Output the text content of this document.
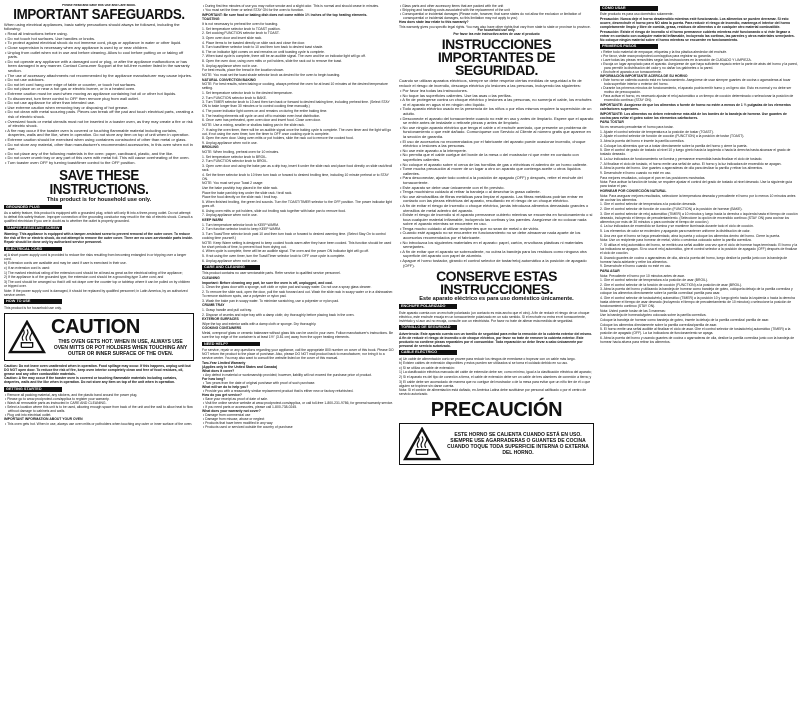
Please Read and Save this Use and Care Book.
IMPORTANT SAFEGUARDS.
When using electrical appliances, basic safety precautions should always be followed, including the following:
• Read all instructions before using.
• Do not touch hot surfaces. Use handles or knobs.
• To protect against electrical shock do not immerse cord, plugs or appliance in water or other liquid.
• Close supervision is necessary when any appliance is used by or near children.
• Unplug from outlet when not in use and before cleaning. Allow to cool before putting on or taking off parts.
• Do not operate any appliance with a damaged cord or plug, or after the appliance malfunctions or has been damaged in any manner. Contact Consumer Support at the toll-free number listed in the warranty section.
• The use of accessory attachments not recommended by the appliance manufacturer may cause injuries.
• Do not use outdoors.
• Do not let cord hang over edge of table or counter, or touch hot surfaces.
• Do not place on or near a hot gas or electric burner, or in a heated oven.
• Extreme caution must be used when moving an appliance containing hot oil or other hot liquids.
• To disconnect, turn timer control to OFF then remove plug from wall outlet.
• Do not use appliance for other than intended use.
• Use extreme caution when removing tray or disposing of hot grease.
• Do not clean with metal scouring pads. Pieces can break off the pad and touch electrical parts, creating a risk of electric shock.
• Oversized foods or metal utensils must not be inserted in a toaster oven, as they may create a fire or risk of electric shock.
• A fire may occur if the toaster oven is covered or touching flammable material including curtains, draperies, walls and the like, when in operation. Do not store any item on top of unit when in operation.
• Extreme caution should be exercised when using containers constructed of other than metal or glass.
• Do not store any material, other than manufacturer's recommended accessories, in this oven when not in use.
• Do not place any of the following materials in the oven: paper, cardboard, plastic, and the like.
• Do not cover crumb tray or any part of this oven with metal foil. This will cause overheating of the oven.
• Turn toaster oven OFF by turning toast/timer control to the OFF position.
SAVE THESE INSTRUCTIONS.
This product is for household use only.
GROUNDED PLUG
As a safety feature, this product is equipped with a grounded plug, which will only fit into a three-prong outlet. Do not attempt to defeat this safety feature. Improper connection of the grounding conductor may result in the risk of electric shock. Consult a qualified electrician if you are in doubt as to whether the outlet is properly grounded.
TAMPER-RESISTANT SCREW
Warning: This appliance is equipped with a tamper-resistant screw to prevent removal of the outer cover. To reduce the risk of fire or electric shock, do not attempt to remove the outer cover. There are no user-serviceable parts inside. Repair should be done only by authorized service personnel.
ELECTRICAL CORD
a) A short power-supply cord is provided to reduce the risks resulting from becoming entangled in or tripping over a longer cord.
b) Extension cords are available and may be used if care is exercised in their use.
c) If an extension cord is used:
1) The marked electrical rating of the extension cord should be at least as great as the electrical rating of the appliance;
2) If the appliance is of the grounded type, the extension cord should be a grounding-type 3-wire cord; and
3) The cord should be arranged so that it will not drape over the counter top or tabletop where it can be pulled on by children or tripped over.
Note: If the power supply cord is damaged, it should be replaced by qualified personnel; in Latin America, by an authorized service center.
HOW TO USE
This product is for household use only.
CAUTION
THIS OVEN GETS HOT. WHEN IN USE, ALWAYS USE OVEN MITTS OR POT HOLDERS WHEN TOUCHING ANY OUTER OR INNER SURFACE OF THE OVEN.
Caution: Do not leave oven unattended when in operation. Food spillage may occur. If this happens, unplug unit but DO NOT open door. To reduce the risk of fire, keep oven interior completely clean and free of food residues, oil, grease and any other combustible materials.
Caution: A fire may occur if the toaster oven is covered or touching flammable materials including curtains, draperies, walls and the like when in operation. Do not store any item on top of the unit when in operation.
GETTING STARTED
• Remove all packing material, any stickers, and the plastic band around the power plug.
• Please go to www.prodprotect.com/applica to register your warranty.
• Wash all removable parts as instructed in CARE AND CLEANING.
• Select a location where this unit is to be used, allowing enough space from back of the unit and the wall to allow heat to flow without damage to cabinets and walls.
• Plug unit into electrical outlet.
IMPORTANT INFORMATION ABOUT YOUR OVEN
• This oven gets hot. When in use, always use oven mitts or potholders when touching any outer or inner surface of the oven.
• During first few minutes of use you may notice smoke and a slight odor. This is normal and should cease in minutes.
• You must set the timer or select STAY ON for the oven to function.
IMPORTANT: Be sure food or baking dish does not come within 1½ inches of the top heating elements.
TOASTING
It is not necessary to preheat the oven for toasting.
1. Set temperature selector knob to TOAST position.
2. Set cooking FUNCTION selector knob to TOAST.
3. Open oven door and insert slide rack.
4. Place items to be toasted directly on slide rack and close the door.
5. Turn toast/timer selector knob to 10 and then turn back to desired toast shade.
6. The on indicator light comes on and remains on until toasting cycle is complete.
7. When toast cycle is complete, there will be an audible signal. The oven and the on indicator light will go off.
8. Open the oven door, using oven mitts or pot holders, slide the rack out to remove the toast.
9. Unplug appliance when not in use.
For best results, place the bread in the location shown.
NOTE: You must set the toast shade selector knob as desired for the oven to begin toasting.
NATURAL CONVECTION BAKING
NOTE: For best results, when baking or cooking, always preheat the oven for at least 10 minutes at the desired temperature setting.
1. Set temperature selector knob to the desired temperature.
2. Turn FUNCTION selector knob to BAKE.
3. Turn TIMER selector knob to 10 and then turn back or forward to desired baking time, including preheat time. (Select STAY ON to bake longer than 30 minutes or to control cooking time manually.)
4. The power indicator light comes on and remains on during the entire baking time.
5. The heating elements will cycle on and off to maintain even heat distribution.
6. Once oven has preheated, open oven door and insert food. Close oven door.
NOTE: Use a mixing, smaller or shallow baking pan in the slide rack.
7. If using the oven timer, there will be an audible signal once the baking cycle is complete. The oven timer and the light will go out. If not using the oven timer, turn the timer to OFF once cooking cycle is complete.
8. Open the oven door. Using oven mitts or pot holders, slide the rack out to remove the cooked food.
9. Unplug appliance when not in use.
BROILING
NOTE: When broiling, preheat oven for 10 minutes.
1. Set temperature selector knob to BROIL.
2. Turn FUNCTION selector knob to BROIL.
3. Open oven door and using the bake pan as a drip tray, insert it under the slide rack and place food directly on slide rack/broil rack.
4. Set the timer selector knob to 10 then turn back or forward to desired broiling time, including 10 minute preheat or to STAY ON.
NOTE: You must set your Toast 2 usage:
Use the bake pan/drip tray placed in the slide rack.
Place the bake pan/drip tray under the slide rack / broil rack.
Place the food directly on the slide rack / broil tray.
5. When finished broiling, the green led sounds. Turn the TOAST/TIMER selector to the OFF position. The power indicator light goes off.
6. Using oven mitts or pot holders, slide out broiling rack together with bake pan to remove food.
7. Unplug appliance when not in use.
KEEP WARM
1. Turn temperature selector knob to KEEP WARM.
2. Turn function selector knob to keep KEEP WARM.
3. Turn Toast/Time selector knob past 10 and then turn back or forward to desired warming time. (Select Stay On to control cooking time yourself.)
NOTE: Keep Warm setting is designed to keep cooked foods warm after they have been cooked. This function should be used for short periods of time, to prevent food from drying out.
4. When cycle is complete, there will be an audible signal. The oven and the power ON indicator light will go off.
5. If not using the oven timer, turn the Toast/Timer selector knob to OFF once cycle is complete.
6. Unplug appliance when not in use.
CARE AND CLEANING
This product contains no user serviceable parts. Refer service to qualified service personnel.
CLEANING
Important: Before cleaning any part, be sure the oven is off, unplugged, and cool.
1. Clean the glass door with a sponge, soft cloth or nylon pad and soapy water. Do not use a spray glass cleaner.
2. To remove the slide rack, open the door, pull the rack forward and out. Wash the slide rack in soapy water or in a dishwasher. To remove stubborn spots, use a polyester or nylon pad.
3. Wash the bake pan in soapy water. To minimize scratching, use a polyester or nylon pad.
CRUMB TRAY
1. Grasp handle and pull out tray.
2. Dispose of crumbs and wipe tray with a damp cloth; dry thoroughly before placing back in the oven.
EXTERIOR SURFACES
Wipe the top and exterior walls with a damp cloth or sponge. Dry thoroughly.
COOKING CONTAINERS
Metal, ovenproof glass or ceramic bakeware without glass lids can be used in your oven. Follow manufacturer's instructions. Be sure the top edge of the container is at least 1½" (3.81 cm) away from the upper heating elements.
NEED HELP?
For service, repair or any questions regarding your appliance, call the appropriate 800 number on cover of this book. Please DO NOT return the product to the place of purchase. Also, please DO NOT mail product back to manufacturer, nor bring it to a service center. You may also want to consult the website listed on the cover of this manual.
Two-Year Limited Warranty
(Applies only in the United States and Canada)
What does it cover?
• Any defect in material or workmanship provided; however, liability will not exceed the purchase price of product.
For how long?
• Two years from the date of original purchase with proof of such purchase.
What will we do to help you?
• Provide you with a reasonably similar replacement product that is either new or factory refurbished.
How do you get service?
• Save your receipt as proof of date of sale.
• Visit the online service website at www.prodprotect.com/applica, or call toll-free 1-800-231-9786, for general warranty service.
• If you need parts or accessories, please call 1-800-738-0245.
What does your warranty not cover?
• Damage from commercial use
• Damage from misuse, abuse or neglect
• Products that have been modified in any way
• Products used or serviced outside the country of purchase
• Glass parts and other accessory items that are packed with the unit
• Shipping and handling costs associated with the replacement of the unit
• Consequential or incidental damages (Please note, however, that some states do not allow the exclusion or limitation of consequential or incidental damages, so this limitation may not apply to you)
How does state law relate to this warranty?
This warranty gives you specific legal rights. You may also have other rights that vary from state to state or province to province.
For household use only.
Por favor lea este instructivo antes de usar el producto
INSTRUCCIONES IMPORTANTES DE SEGURIDAD.
Cuando se utilizan aparatos eléctricos, siempre se debe respetar ciertas medidas de seguridad a fin de reducir el riesgo de incendio, descarga eléctrica y/o lesiones a las personas, incluyendo las siguientes:
• Por favor lea todas las instrucciones.
• No toque las superficies calientes. Use las asas o las perillas.
• A fin de protegerse contra un choque eléctrico y lesiones a las personas, no sumerja el cable, los enchufes ni el aparato en agua ni en ningún otro líquido.
• Todo aparato eléctrico usado en la presencia de los niños o por ellos mismos requiere la supervisión de un adulto.
• Desconecte el aparato del tomacorriente cuando no esté en uso y antes de limpiarlo. Espere que el aparato se enfríe antes de instalarle o retirarle piezas y antes de limpiarlo.
• No use ningún aparato eléctrico que tenga el cable o el enchufe averiado, que presente un problema de funcionamiento o que esté dañado. Comuníquese con Servicio al Cliente al número gratis que aparece en la sección de garantía.
• El uso de accesorios no recomendados por el fabricante del aparato puede ocasionar incendio, choque eléctrico o lesiones a las personas.
• No use este aparato a la intemperie.
• No permita que el cable cuelgue del borde de la mesa o del mostrador ni que entre en contacto con superficies calientes.
• No coloque el aparato sobre ni cerca de las hornillas de gas o eléctricas ni adentro de un horno caliente.
• Tome mucha precaución al mover de un lugar a otro un aparato que contenga aceite u otros líquidos calientes.
• Para desconectar, ajuste todo control a la posición de apagado (OFF) y después, retire el enchufe del tomacorriente.
• Este aparato se debe usar únicamente con el fin previsto.
• Tenga muchísimo cuidado al retirar la bandeja o al desechar la grasa caliente.
• No use almohadillas de fibras metálicas para limpiar el aparato. Las fibras metálicas podrían entrar en contacto con las piezas eléctricas del aparato, resultando en el riesgo de un choque eléctrico.
• A fin de evitar el riesgo de incendio o choque eléctrico, jamás introduzca alimentos demasiado grandes o utensilios de metal adentro del aparato.
• Existe el riesgo de incendio si el aparato permanece cubierto mientras se encuentra en funcionamiento o si toca cualquier material inflamable, incluyendo las cortinas y las paredes. Asegúrese de no colocar nada sobre el aparato mientras se encuentre en uso.
• Tenga mucho cuidado al utilizar recipientes que no sean de metal o de vidrio.
• Cuando esté apagado no se encuentre en funcionamiento no se debe almacenar nada aparte de los accesorios recomendados por el fabricante.
• No introduzca los siguientes materiales en el aparato: papel, cartón, envolturas plásticas ni materiales semejantes.
• A fin de evitar que el aparato se sobrecaliente, no cubra la bandeja para los residuos como ninguna otra superficie del aparato con papel de aluminio.
• Apague el horno tostador, girando el control selector de tostar/reloj automático a la posición de apagado (OFF).
CONSERVE ESTAS INSTRUCCIONES.
Este aparato eléctrico es para uso doméstico únicamente.
ENCHUFE POLARIZADO
Este aparato cuenta con un enchufe polarizado (un contacto es más ancho que el otro). A fin de reducir el riesgo de un choque eléctrico, este enchufe encaja en un tomacorriente polarizado en un solo sentido. Si el enchufe no entra en el tomacorriente, inviértalo y si aun así no encaja, consulte con un electricista. Por favor no trate de alterar esta medida de seguridad.
TORNILLO DE SEGURIDAD
Advertencia: Este aparato cuenta con un tornillo de seguridad para evitar la remoción de la cubierta exterior del mismo. A fin de reducir el riesgo de incendio o de choque eléctrico, por favor no trate de remover la cubierta exterior. Este producto no contiene piezas reparables por el consumidor. Toda reparación se debe llevar a cabo únicamente por personal de servicio autorizado.
CABLE ELÉCTRICO
a) Un cable de alimentación corto se provee para reducir los riesgos de enredarse o tropezar con un cable más largo.
b) Existen cables de extensión disponibles y estos pueden ser utilizados si se toma el cuidado debido en su uso.
c) Si se utiliza un cable de extensión:
1) La clasificación eléctrica marcada del cable de extensión debe ser, como mínimo, igual a la clasificación eléctrica del aparato;
2) Si el aparato es del tipo de conexión a tierra, el cable de extensión debe ser un cable de tres alambres de conexión a tierra; y
3) El cable debe ser acomodado de manera que no cuelgue del mostrador o de la mesa para evitar que un niño tire de él o que alguien se tropiece sin darse cuenta.
Nota: Si el cordón de alimentación está dañado, en América Latina debe sustituirse por personal calificado o por el centro de servicio autorizado.
PRECAUCIÓN
ESTE HORNO SE CALIENTA CUANDO ESTÁ EN USO. SIEMPRE USE AGARRADERAS O GUANTES DE COCINA CUANDO TOQUE TODA SUPERFICIE INTERNA O EXTERNA DEL HORNO.
CÓMO USAR
Este producto es para uso doméstico solamente.
Precaución: Nunca deje el horno desatendido mientras esté funcionando. Los alimentos se pueden derramar. Si esto ocurre, desenchufe el horno pero NO abra la puerta. Para reducir el riesgo de incendio, mantenga el interior del horno completamente limpio y libre de comida, grasa, residuos de alimentos o de cualquier otro material combustible.
Precaución: Existe el riesgo de incendio si el horno permanece cubierto mientras esté funcionando o si éste llegase a entrar en contacto con cualquier material inflamable, incluyendo las cortinas, las paredes y otros materiales semejantes. No coloque ningún material sobre el horno mientras se encuentre en funcionamiento.
PRIMEROS PASOS
• Retire todo material de empaque, etiquetas y la tira plástica alrededor del enchufe.
• Por favor, visite www.prodprotect.com/applica para registrar su garantía.
• Lave todas las piezas removibles según las instrucciones en la sección de CUIDADO Y LIMPIEZA.
• Escoja un lugar apropiado para el aparato. Asegúrese de que haya suficiente espacio entre la parte de atrás del horno y la pared, para permitir la distribución del calor y no dañar los gabinetes o la pared.
• Enchufe el aparato a un tomacorriente.
INFORMACIÓN IMPORTANTE ACERCA DE SU HORNO
• Este horno se calienta cuando está en funcionamiento. Asegúrese de usar siempre guantes de cocina o agarraderas al tocar toda superficie interior o exterior del horno.
• Durante los primeros minutos de funcionamiento, el aparato podría emitir humo y un ligero olor. Esto es normal y no debe ser motivo de preocupación.
• Para activar el horno, es necesario ajustar el reloj automático a un tiempo de cocción determinado o seleccionar la posición de encendido continuo (STAY ON).
IMPORTANTE: Asegúrese de que los alimentos o fuente de horno no estén a menos de 1 ½ pulgadas de los elementos calefactores superiores.
IMPORTANTE: Los alimentos no deben extenderse más allá de los bordes de la bandeja de hornear. Use guantes de cocina para evitar el goteo sobre los elementos calefactores.
PARA TOSTAR
No es necesario precalentar el horno para tostar.
1. Ajuste el control selector de temperatura a la posición de tostar (TOAST).
2. Ajuste el control selector de función de cocción (FUNCTION) a la posición de tostar (TOAST).
3. Abra la puerta del horno e inserte la parrilla corrediza.
4. Coloque los alimentos que va a tostar directamente sobre la parrilla del horno y cierre la puerta.
5. Gire el control de grado de tostado al nivel 10 y luego gírelo hacia la izquierda o hacia la derecha hasta alcanzar el grado de tostado deseado.
6. La luz indicadora de funcionamiento se ilumina y permanece encendida hasta finalizar el ciclo de tostado.
7. Al finalizar el ciclo de tostado, el horno emite una señal de aviso. El horno y la luz indicadora de encendido se apagan.
8. Abra la puerta del horno. Use guantes o agarraderas de olla para deslizar la parrilla y retirar los alimentos.
9. Desenchufe el horno cuando no esté en uso.
Para mejores resultados, coloque el pan en las posiciones mostradas.
Nota: Para activar la función de tostar, se requiere ajustar el control del grado de tostado al nivel deseado. Use la siguiente guía para tostar el pan.
HORNEAR POR CONVECCIÓN NATURAL
Nota: Para asegurar mejores resultados, seleccione la temperatura deseada y precaliente el horno por lo menos 10 minutos antes de cocinar los alimentos.
1. Gire el control selector de temperatura a la posición deseada.
2. Gire el control selector de función de cocción (FUNCTION) a la posición de hornear (BAKE).
3. Gire el control selector de reloj automático (TIMER) a 10 minutos y luego hacia la derecha o izquierda hasta el tiempo de cocción deseado, incluyendo el tiempo de precalentamiento. (Seleccione la opción de encendido continuo (STAY ON) para cocinar los alimentos por más de 30 minutos o para controlar el tiempo de cocción.)
4. La luz indicadora de encendido se ilumina y se mantiene iluminada durante todo el ciclo de cocción.
5. Los elementos de calor se encienden y apagarán para mantener uniforme la distribución de calor.
6. Una vez que el horno se haya precalentado, abra la puerta y coloque los alimentos dentro del horno. Cierre la puerta.
Nota: Use un recipiente para hornear de metal, vidrio o cerámica colocado sobre la parrilla corrediza.
7. Si utiliza el reloj automático del horno, se emitirá una señal audible una vez que el ciclo de hornear haya terminado. El horno y la luz indicadora se apagan. Si no usa el reloj automático, gire el control selector a la posición de apagado (OFF) después de finalizar el ciclo de cocción.
8. Usando guantes de cocina o agarraderas de olla, abra la puerta del horno, luego deslice la parrilla junto con la bandeja de hornear hacia adelante y retire los alimentos.
9. Desenchufe el horno cuando no esté en uso.
PARA ASAR
Nota: Precaliente el horno por 10 minutos antes de asar.
1. Gire el control selector de temperatura a la posición de asar (BROIL).
2. Gire el control selector de la función de cocción (FUNCTION) a la posición de asar (BROIL).
3. Abra la puerta del horno y utilizando la bandeja de hornear como bandeja de goteo, colóquela debajo de la parrilla corrediza y coloque los alimentos directamente sobre la parrilla corrediza/ parrilla para asar.
4. Gire el control selector de tostado/reloj automático (TIMER) a la posición 10 y luego gírelo hacia la izquierda o hacia la derecha hasta obtener el tiempo de asar deseado (incluyendo el tiempo de precalentamiento de 10 minutos) o seleccione la posición de funcionamiento continuo (STAY ON).
Nota: Usted puede tostar de las 3 maneras:
Use la bandeja de horneado/goteo colocada sobre la parrilla corrediza.
Coloque la bandeja de hornear como bandeja de goteo, inserte la debajo de la parrilla corrediza/ parrilla de asar.
Coloque los alimentos directamente sobre la parrilla corrediza/parrilla de asar.
5. El horno emite una señal audible al finalizar el ciclo de asar. Gire el control selector de tostado/reloj automático (TIMER) a la posición de apagado (OFF). La luz indicadora de funcionamiento se apaga.
6. Abra la puerta del horno y usando guantes de cocina o agarraderas de olla, deslice la parrilla corrediza junto con la bandeja de hornear hacia afuera para retirar los alimentos.
